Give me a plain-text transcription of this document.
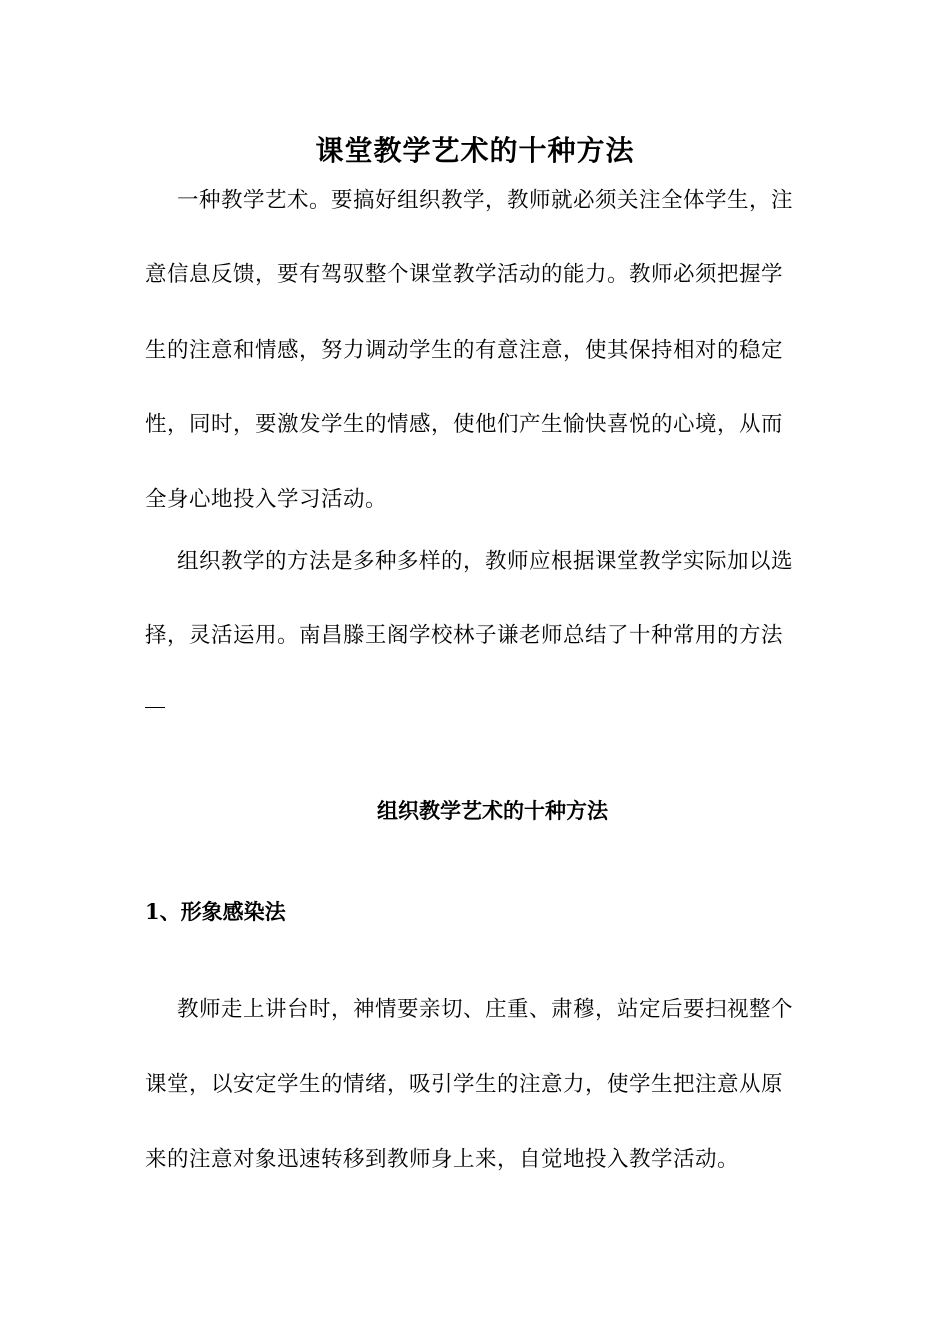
课堂教学艺术的十种方法
一种教学艺术。要搞好组织教学，教师就必须关注全体学生，注
意信息反馈，要有驾驭整个课堂教学活动的能力。教师必须把握学
生的注意和情感，努力调动学生的有意注意，使其保持相对的稳定
性，同时，要激发学生的情感，使他们产生愉快喜悦的心境，从而
全身心地投入学习活动。
组织教学的方法是多种多样的，教师应根据课堂教学实际加以选
择，灵活运用。南昌滕王阁学校林子谦老师总结了十种常用的方法
组织教学艺术的十种方法
1、形象感染法
教师走上讲台时，神情要亲切、庄重、肃穆，站定后要扫视整个
课堂，以安定学生的情绪，吸引学生的注意力，使学生把注意从原
来的注意对象迅速转移到教师身上来，自觉地投入教学活动。
